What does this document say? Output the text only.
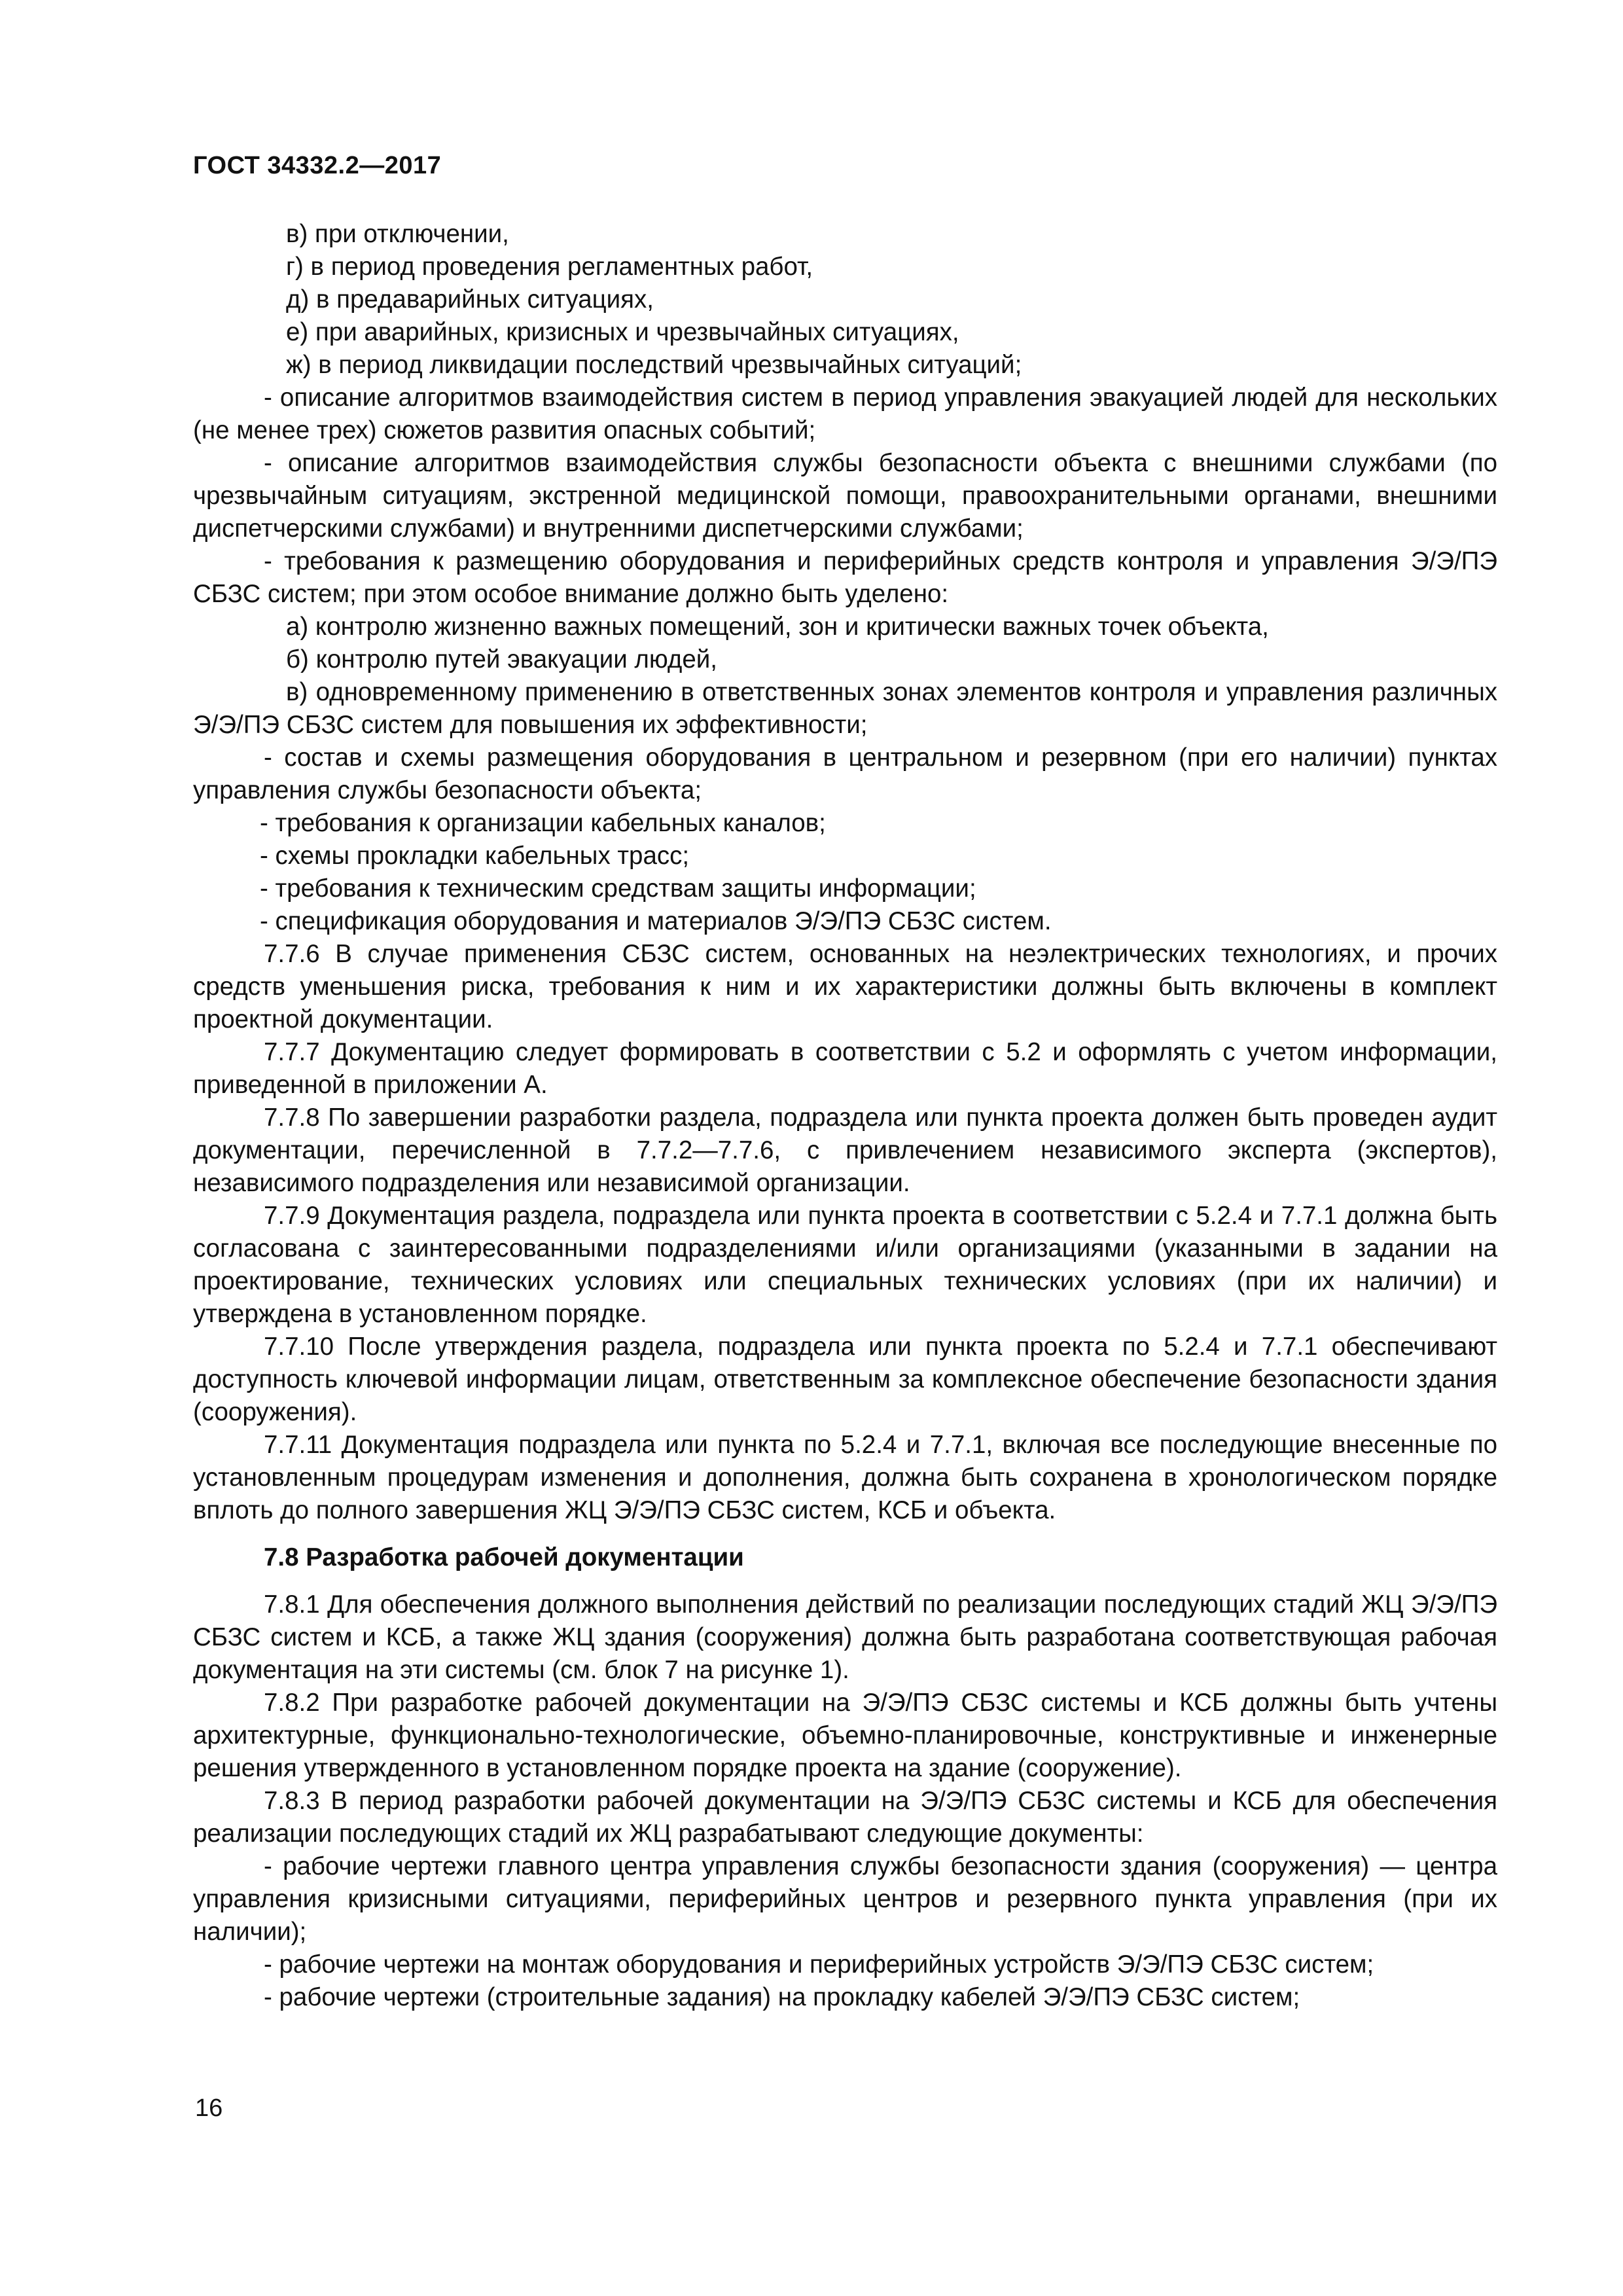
ГОСТ 34332.2—2017

в) при отключении,

г) в период проведения регламентных работ,

д) в предаварийных ситуациях,

е) при аварийных, кризисных и чрезвычайных ситуациях,

ж) в период ликвидации последствий чрезвычайных ситуаций;

- описание алгоритмов взаимодействия систем в период управления эвакуацией людей для нескольких (не менее трех) сюжетов развития опасных событий;

- описание алгоритмов взаимодействия службы безопасности объекта с внешними службами (по чрезвычайным ситуациям, экстренной медицинской помощи, правоохранительными органами, внешними диспетчерскими службами) и внутренними диспетчерскими службами;

- требования к размещению оборудования и периферийных средств контроля и управления Э/Э/ПЭ СБЗС систем; при этом особое внимание должно быть уделено:

а) контролю жизненно важных помещений, зон и критически важных точек объекта,

б) контролю путей эвакуации людей,

в) одновременному применению в ответственных зонах элементов контроля и управления различных Э/Э/ПЭ СБЗС систем для повышения их эффективности;

- состав и схемы размещения оборудования в центральном и резервном (при его наличии) пунктах управления службы безопасности объекта;

- требования к организации кабельных каналов;

- схемы прокладки кабельных трасс;

- требования к техническим средствам защиты информации;

- спецификация оборудования и материалов Э/Э/ПЭ СБЗС систем.

7.7.6 В случае применения СБЗС систем, основанных на неэлектрических технологиях, и прочих средств уменьшения риска, требования к ним и их характеристики должны быть включены в комплект проектной документации.

7.7.7 Документацию следует формировать в соответствии с 5.2 и оформлять с учетом информации, приведенной в приложении А.

7.7.8 По завершении разработки раздела, подраздела или пункта проекта должен быть проведен аудит документации, перечисленной в 7.7.2—7.7.6, с привлечением независимого эксперта (экспертов), независимого подразделения или независимой организации.

7.7.9 Документация раздела, подраздела или пункта проекта в соответствии с 5.2.4 и 7.7.1 должна быть согласована с заинтересованными подразделениями и/или организациями (указанными в задании на проектирование, технических условиях или специальных технических условиях (при их наличии) и утверждена в установленном порядке.

7.7.10 После утверждения раздела, подраздела или пункта проекта по 5.2.4 и 7.7.1 обеспечивают доступность ключевой информации лицам, ответственным за комплексное обеспечение безопасности здания (сооружения).

7.7.11 Документация подраздела или пункта по 5.2.4 и 7.7.1, включая все последующие внесенные по установленным процедурам изменения и дополнения, должна быть сохранена в хронологическом порядке вплоть до полного завершения ЖЦ Э/Э/ПЭ СБЗС систем, КСБ и объекта.

7.8 Разработка рабочей документации

7.8.1 Для обеспечения должного выполнения действий по реализации последующих стадий ЖЦ Э/Э/ПЭ СБЗС систем и КСБ, а также ЖЦ здания (сооружения) должна быть разработана соответствующая рабочая документация на эти системы (см. блок 7 на рисунке 1).

7.8.2 При разработке рабочей документации на Э/Э/ПЭ СБЗС системы и КСБ должны быть учтены архитектурные, функционально-технологические, объемно-планировочные, конструктивные и инженерные решения утвержденного в установленном порядке проекта на здание (сооружение).

7.8.3 В период разработки рабочей документации на Э/Э/ПЭ СБЗС системы и КСБ для обеспечения реализации последующих стадий их ЖЦ разрабатывают следующие документы:

- рабочие чертежи главного центра управления службы безопасности здания (сооружения) — центра управления кризисными ситуациями, периферийных центров и резервного пункта управления (при их наличии);

- рабочие чертежи на монтаж оборудования и периферийных устройств Э/Э/ПЭ СБЗС систем;

- рабочие чертежи (строительные задания) на прокладку кабелей Э/Э/ПЭ СБЗС систем;

16
